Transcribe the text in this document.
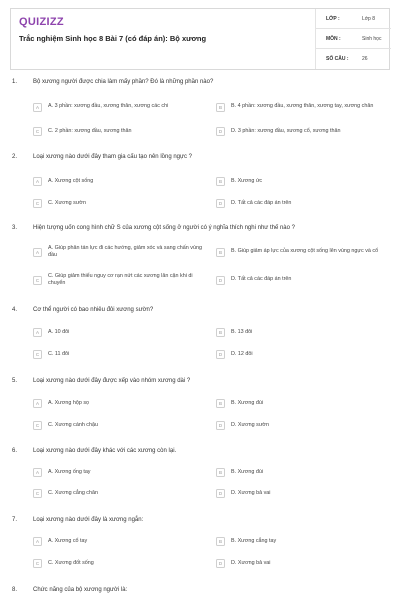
QUIZIZZ
Trắc nghiệm Sinh học 8 Bài 7 (có đáp án): Bộ xương
LỚP :	Lớp 8
MÔN :	Sinh học
SỐ CÂU :	26
1.	Bộ xương người được chia làm mấy phần? Đó là những phần nào?
A	A. 3 phần: xương đầu, xương thân, xương các chi	B	B. 4 phần: xương đầu, xương thân, xương tay, xương chân
C	C. 2 phần: xương đầu, xương thân	D	D. 3 phần: xương đầu, xương cổ, xương thân
2.	Loại xương nào dưới đây tham gia cấu tạo nên lồng ngực ?
A	A. Xương cột sống	B	B. Xương ức
C	C. Xương sườn	D	D. Tất cả các đáp án trên
3.	Hiện tượng uốn cong hình chữ S của xương cột sống ở người có ý nghĩa thích nghi như thế nào ?
A
A. Giúp phân tán lực đi các hướng, giảm xóc và sang chấn vùng đầu	B	B. Giúp giảm áp lực của xương cột sống lên vùng ngực và cổ
C
C. Giúp giảm thiểu nguy cơ rạn nứt các xương lân cận khi di chuyển	D	D. Tất cả các đáp án trên
4.	Cơ thể người có bao nhiêu đôi xương sườn?
A	A. 10 đôi	B	B. 13 đôi
C	C. 11 đôi	D	D. 12 đôi
5.	Loại xương nào dưới đây được xếp vào nhóm xương dài ?
A	A. Xương hộp sọ	B	B. Xương đùi
C	C. Xương cánh chậu	D	D. Xương sườn
6.	Loại xương nào dưới đây khác với các xương còn lại.
A	A. Xương ống tay	B	B. Xương đùi
C	C. Xương cẳng chân	D	D. Xương bả vai
7.	Loại xương nào dưới đây là xương ngắn:
A	A. Xương cổ tay	B	B. Xương cẳng tay
C	C. Xương đốt sống	D	D. Xương bả vai
8.	Chức năng của bộ xương người là:
